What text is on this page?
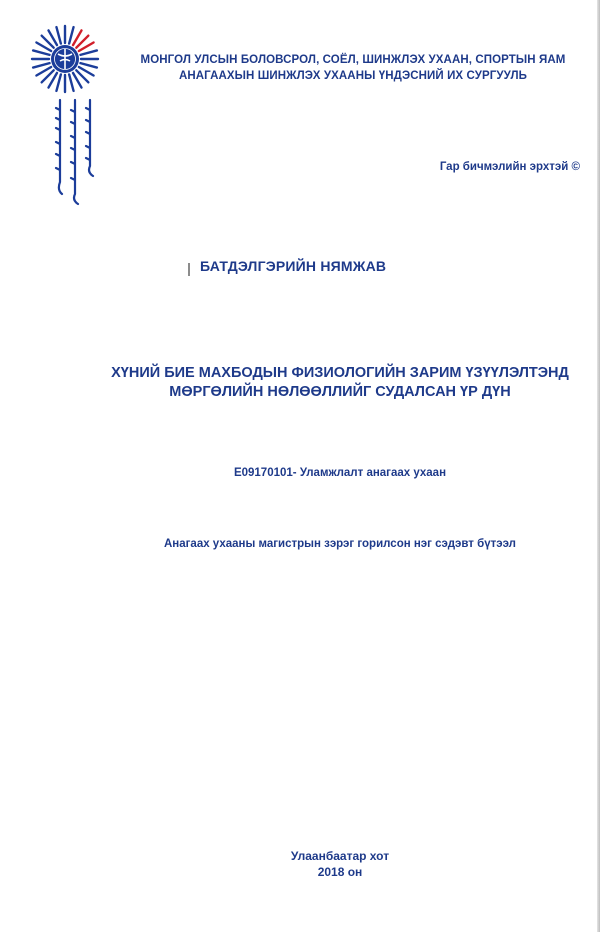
МОНГОЛ УЛСЫН БОЛОВСРОЛ, СОЁЛ, ШИНЖЛЭХ УХААН, СПОРТЫН ЯАМ
АНАГААХЫН ШИНЖЛЭХ УХААНЫ ҮНДЭСНИЙ ИХ СУРГУУЛЬ
Гар бичмэлийн эрхтэй ©
БАТДЭЛГЭРИЙН НЯМЖАВ
ХҮНИЙ БИЕ МАХБОДЫН ФИЗИОЛОГИЙН ЗАРИМ ҮЗҮҮЛЭЛТЭНД
МӨРГӨЛИЙН НӨЛӨӨЛЛИЙГ СУДАЛСАН ҮР ДҮН
E09170101- Уламжлалт анагаах ухаан
Анагаах ухааны магистрын зэрэг горилсон нэг сэдэвт бүтээл
Улаанбаатар хот
2018 он
